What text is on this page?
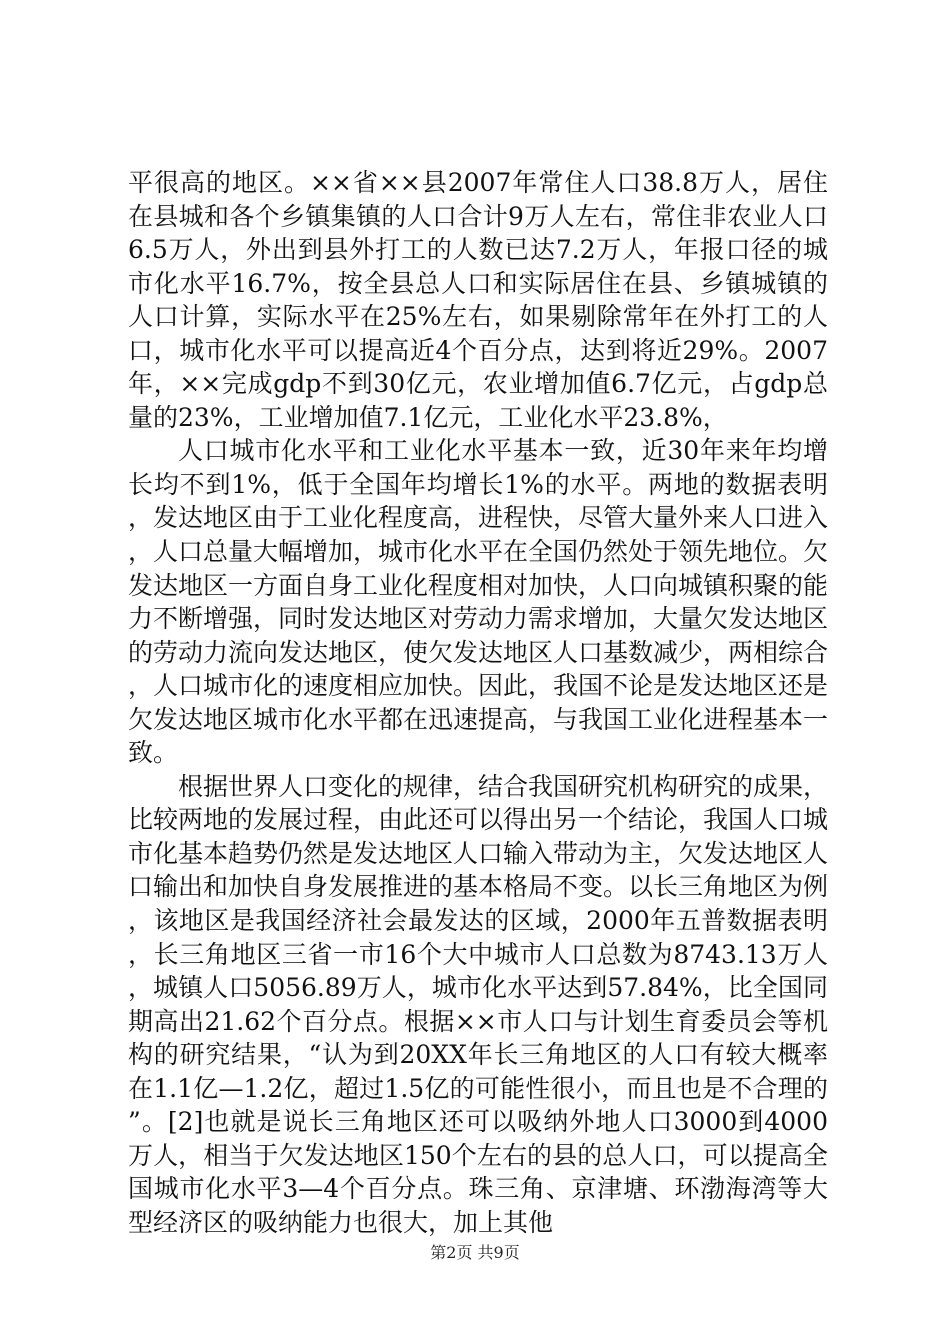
平很高的地区。××省××县2007年常住人口38.8万人，居住在县城和各个乡镇集镇的人口合计9万人左右，常住非农业人口6.5万人，外出到县外打工的人数已达7.2万人，年报口径的城市化水平16.7%，按全县总人口和实际居住在县、乡镇城镇的人口计算，实际水平在25%左右，如果剔除常年在外打工的人口，城市化水平可以提高近4个百分点，达到将近29%。2007年，××完成gdp不到30亿元，农业增加值6.7亿元，占gdp总量的23%，工业增加值7.1亿元，工业化水平23.8%，

人口城市化水平和工业化水平基本一致，近30年来年均增长均不到1%，低于全国年均增长1%的水平。两地的数据表明，发达地区由于工业化程度高，进程快，尽管大量外来人口进入，人口总量大幅增加，城市化水平在全国仍然处于领先地位。欠发达地区一方面自身工业化程度相对加快，人口向城镇积聚的能力不断增强，同时发达地区对劳动力需求增加，大量欠发达地区的劳动力流向发达地区，使欠发达地区人口基数减少，两相综合，人口城市化的速度相应加快。因此，我国不论是发达地区还是欠发达地区城市化水平都在迅速提高，与我国工业化进程基本一致。

根据世界人口变化的规律，结合我国研究机构研究的成果，比较两地的发展过程，由此还可以得出另一个结论，我国人口城市化基本趋势仍然是发达地区人口输入带动为主，欠发达地区人口输出和加快自身发展推进的基本格局不变。以长三角地区为例，该地区是我国经济社会最发达的区域，2000年五普数据表明，长三角地区三省一市16个大中城市人口总数为8743.13万人，城镇人口5056.89万人，城市化水平达到57.84%，比全国同期高出21.62个百分点。根据××市人口与计划生育委员会等机构的研究结果，“认为到20XX年长三角地区的人口有较大概率在1.1亿—1.2亿，超过1.5亿的可能性很小，而且也是不合理的”。[2]也就是说长三角地区还可以吸纳外地人口3000到4000万人，相当于欠发达地区150个左右的县的总人口，可以提高全国城市化水平3—4个百分点。珠三角、京津塘、环渤海湾等大型经济区的吸纳能力也很大，加上其他

第2页 共9页
